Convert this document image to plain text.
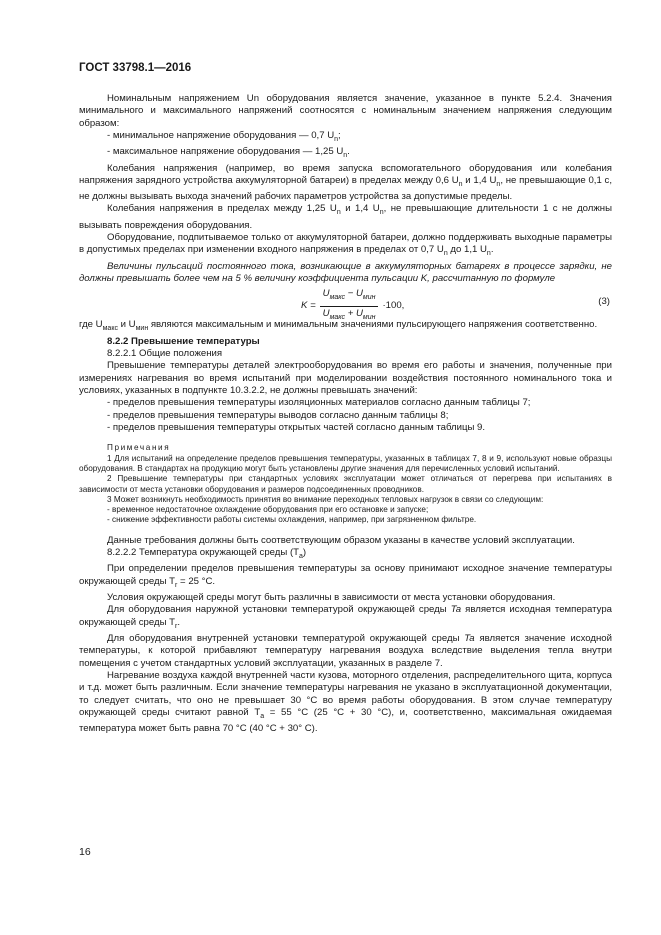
ГОСТ 33798.1—2016

Номинальным напряжением Un оборудования является значение, указанное в пункте 5.2.4. Значения минимального и максимального напряжений соотносятся с номинальным значением напряжения следующим образом:

- минимальное напряжение оборудования — 0,7 $U_n$;

- максимальное напряжение оборудования — 1,25 $U_n$.

Колебания напряжения (например, во время запуска вспомогательного оборудования или колебания напряжения зарядного устройства аккумуляторной батареи) в пределах между 0,6 $U_n$ и 1,4 $U_n$, не превышающие 0,1 с, не должны вызывать выхода значений рабочих параметров устройства за допустимые пределы.

Колебания напряжения в пределах между 1,25 $U_n$ и 1,4 $U_n$, не превышающие длительности 1 с не должны вызывать повреждения оборудования.

Оборудование, подпитываемое только от аккумуляторной батареи, должно поддерживать выходные параметры в допустимых пределах при изменении входного напряжения в пределах от 0,7 $U_n$ до 1,1 $U_n$.

Величины пульсаций постоянного тока, возникающие в аккумуляторных батареях в процессе зарядки, не должны превышать более чем на 5 % величину коэффициента пульсации K, рассчитанную по формуле

$K = \frac{U_{макс} - U_{мин}}{U_{макс} + U_{мин}} \cdot 100$,	(3)

где $U_{макс}$ и $U_{мин}$ являются максимальным и минимальным значениями пульсирующего напряжения соответственно.

8.2.2 Превышение температуры

8.2.2.1 Общие положения

Превышение температуры деталей электрооборудования во время его работы и значения, полученные при измерениях нагревания во время испытаний при моделировании воздействия постоянного номинального тока и условиях, указанных в подпункте 10.3.2.2, не должны превышать значений:

- пределов превышения температуры изоляционных материалов согласно данным таблицы 7;

- пределов превышения температуры выводов согласно данным таблицы 8;

- пределов превышения температуры открытых частей согласно данным таблицы 9.

Примечания

1 Для испытаний на определение пределов превышения температуры, указанных в таблицах 7, 8 и 9, используют новые образцы оборудования. В стандартах на продукцию могут быть установлены другие значения для перечисленных условий испытаний.

2 Превышение температуры при стандартных условиях эксплуатации может отличаться от перегрева при испытаниях в зависимости от места установки оборудования и размеров подсоединенных проводников.

3 Может возникнуть необходимость принятия во внимание переходных тепловых нагрузок в связи со следующим:

- временное недостаточное охлаждение оборудования при его остановке и запуске;

- снижение эффективности работы системы охлаждения, например, при загрязненном фильтре.

Данные требования должны быть соответствующим образом указаны в качестве условий эксплуатации.

8.2.2.2 Температура окружающей среды $(T_a)$

При определении пределов превышения температуры за основу принимают исходное значение температуры окружающей среды $T_r = 25$ °С.

Условия окружающей среды могут быть различны в зависимости от места установки оборудования.

Для оборудования наружной установки температурой окружающей среды Ta является исходная температура окружающей среды $T_r$.

Для оборудования внутренней установки температурой окружающей среды Ta является значение исходной температуры, к которой прибавляют температуру нагревания воздуха вследствие выделения тепла внутри помещения с учетом стандартных условий эксплуатации, указанных в разделе 7.

Нагревание воздуха каждой внутренней части кузова, моторного отделения, распределительного щита, корпуса и т.д. может быть различным. Если значение температуры нагревания не указано в эксплуатационной документации, то следует считать, что оно не превышает 30 °С во время работы оборудования. В этом случае температуру окружающей среды считают равной $T_a = 55$ °С (25 °С + 30 °С), и, соответственно, максимальная ожидаемая температура может быть равна 70 °С (40 °С + 30° С).

16
